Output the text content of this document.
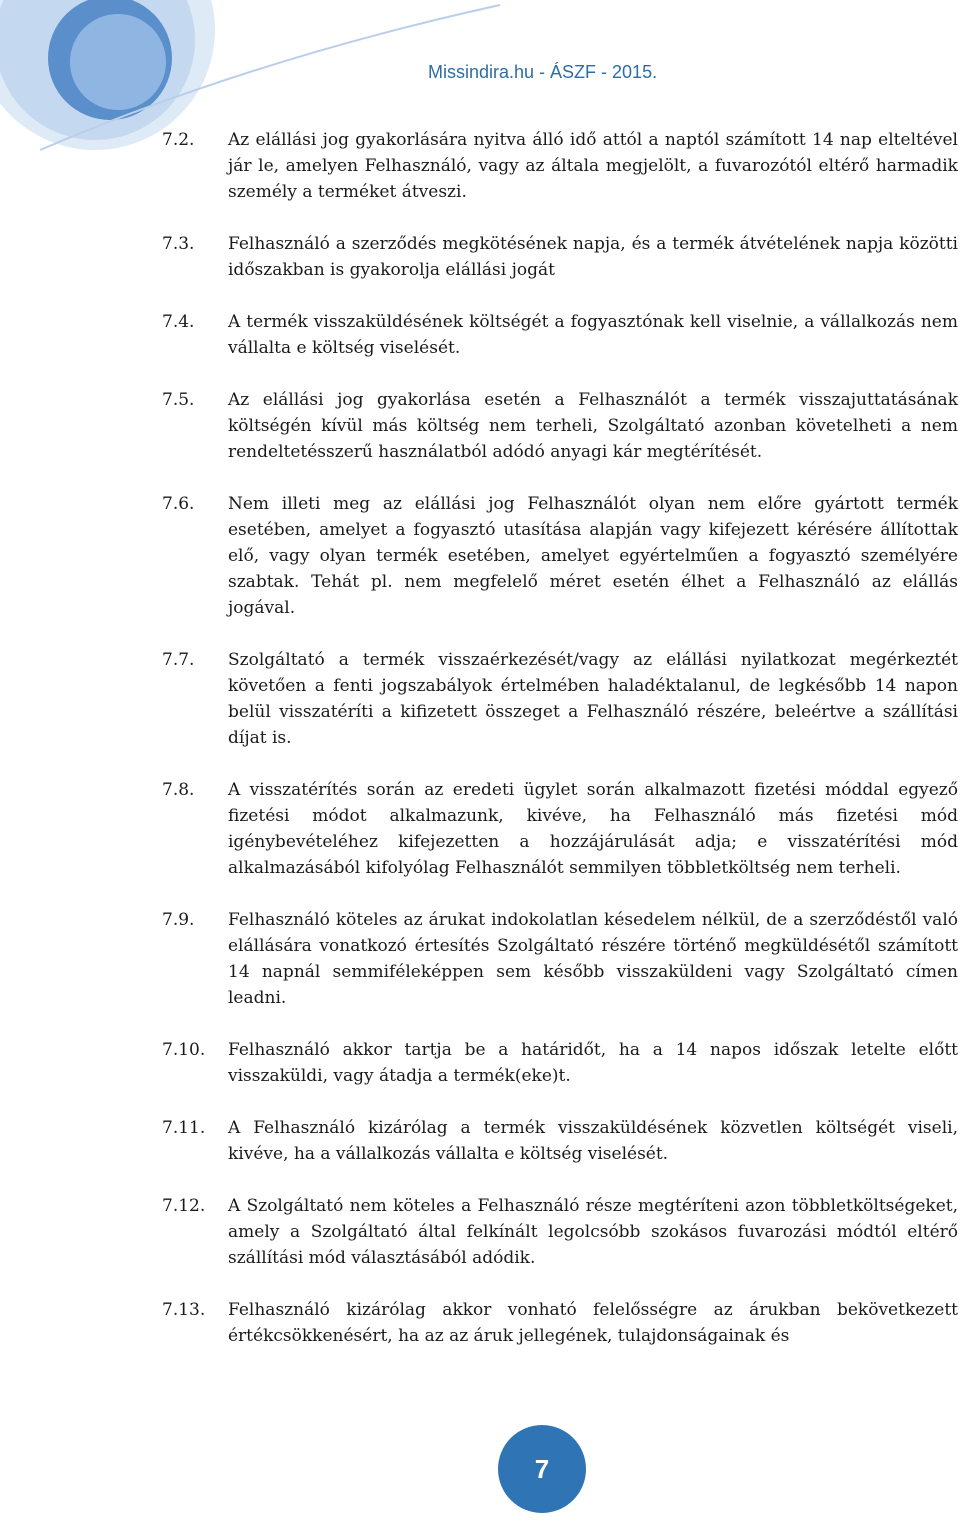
Missindira.hu - ÁSZF - 2015.
7.2.	Az elállási jog gyakorlására nyitva álló idő attól a naptól számított 14 nap elteltével jár le, amelyen Felhasználó, vagy az általa megjelölt, a fuvarozótól eltérő harmadik személy a terméket átveszi.
7.3.	Felhasználó a szerződés megkötésének napja, és a termék átvételének napja közötti időszakban is gyakorolja elállási jogát
7.4.	A termék visszaküldésének költségét a fogyasztónak kell viselnie, a vállalkozás nem vállalta e költség viselését.
7.5.	Az elállási jog gyakorlása esetén a Felhasználót a termék visszajuttatásának költségén kívül más költség nem terheli, Szolgáltató azonban követelheti a nem rendeltetésszerű használatból adódó anyagi kár megtérítését.
7.6.	Nem illeti meg az elállási jog Felhasználót olyan nem előre gyártott termék esetében, amelyet a fogyasztó utasítása alapján vagy kifejezett kérésére állítottak elő, vagy olyan termék esetében, amelyet egyértelműen a fogyasztó személyére szabtak. Tehát pl. nem megfelelő méret esetén élhet a Felhasználó az elállás jogával.
7.7.	Szolgáltató a termék visszaérkezését/vagy az elállási nyilatkozat megérkeztét követően a fenti jogszabályok értelmében haladéktalanul, de legkésőbb 14 napon belül visszatéríti a kifizetett összeget a Felhasználó részére, beleértve a szállítási díjat is.
7.8.	A visszatérítés során az eredeti ügylet során alkalmazott fizetési móddal egyező fizetési módot alkalmazunk, kivéve, ha Felhasználó más fizetési mód igénybevételéhez kifejezetten a hozzájárulását adja; e visszatérítési mód alkalmazásából kifolyólag Felhasználót semmilyen többletköltség nem terheli.
7.9.	Felhasználó köteles az árukat indokolatlan késedelem nélkül, de a szerződéstől való elállására vonatkozó értesítés Szolgáltató részére történő megküldésétől számított 14 napnál semmiféleképpen sem később visszaküldeni vagy Szolgáltató címen leadni.
7.10.	Felhasználó akkor tartja be a határidőt, ha a 14 napos időszak letelte előtt visszaküldi, vagy átadja a termék(eke)t.
7.11.	A Felhasználó kizárólag a termék visszaküldésének közvetlen költségét viseli, kivéve, ha a vállalkozás vállalta e költség viselését.
7.12.	A Szolgáltató nem köteles a Felhasználó része megtéríteni azon többletköltségeket, amely a Szolgáltató által felkínált legolcsóbb szokásos fuvarozási módtól eltérő szállítási mód választásából adódik.
7.13.	Felhasználó kizárólag akkor vonható felelősségre az árukban bekövetkezett értékcsökkenésért, ha az az áruk jellegének, tulajdonságainak és
7
